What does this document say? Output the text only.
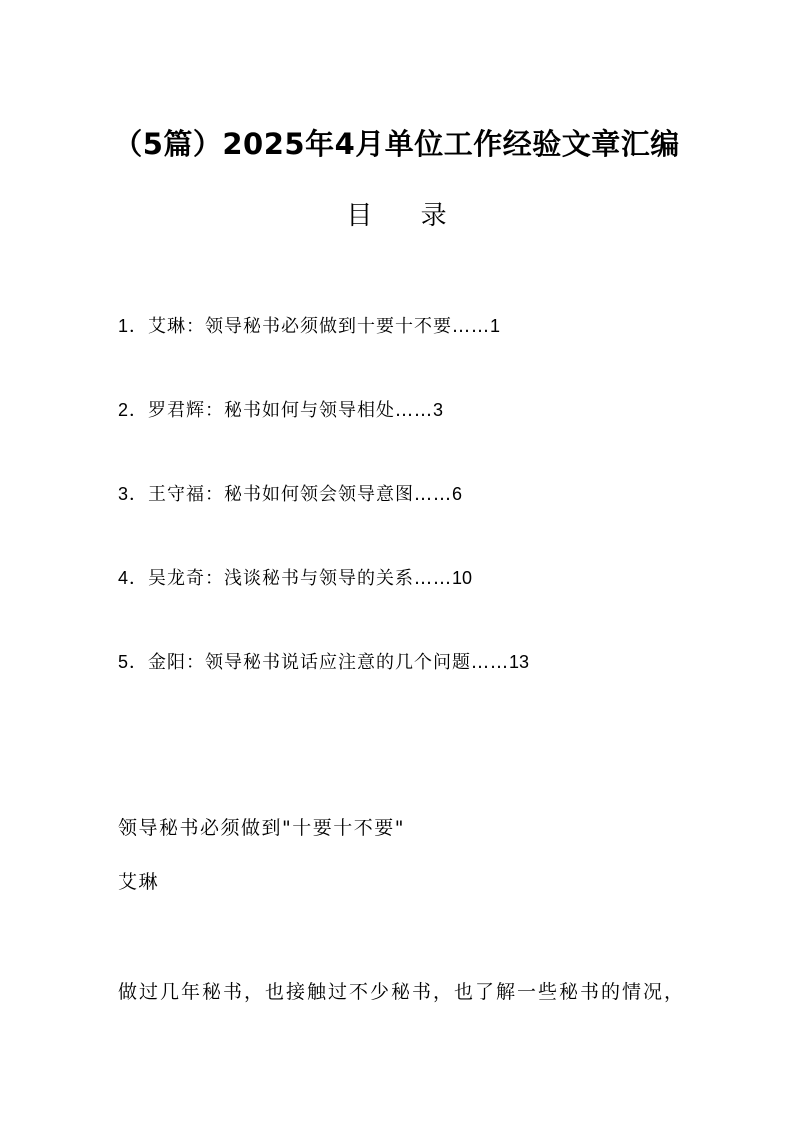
（5篇）2025年4月单位工作经验文章汇编
目 录
1．艾琳：领导秘书必须做到十要十不要……1
2．罗君辉：秘书如何与领导相处……3
3．王守福：秘书如何领会领导意图……6
4．吴龙奇：浅谈秘书与领导的关系……10
5．金阳：领导秘书说话应注意的几个问题……13
领导秘书必须做到"十要十不要"
艾琳
做过几年秘书，也接触过不少秘书，也了解一些秘书的情况，
